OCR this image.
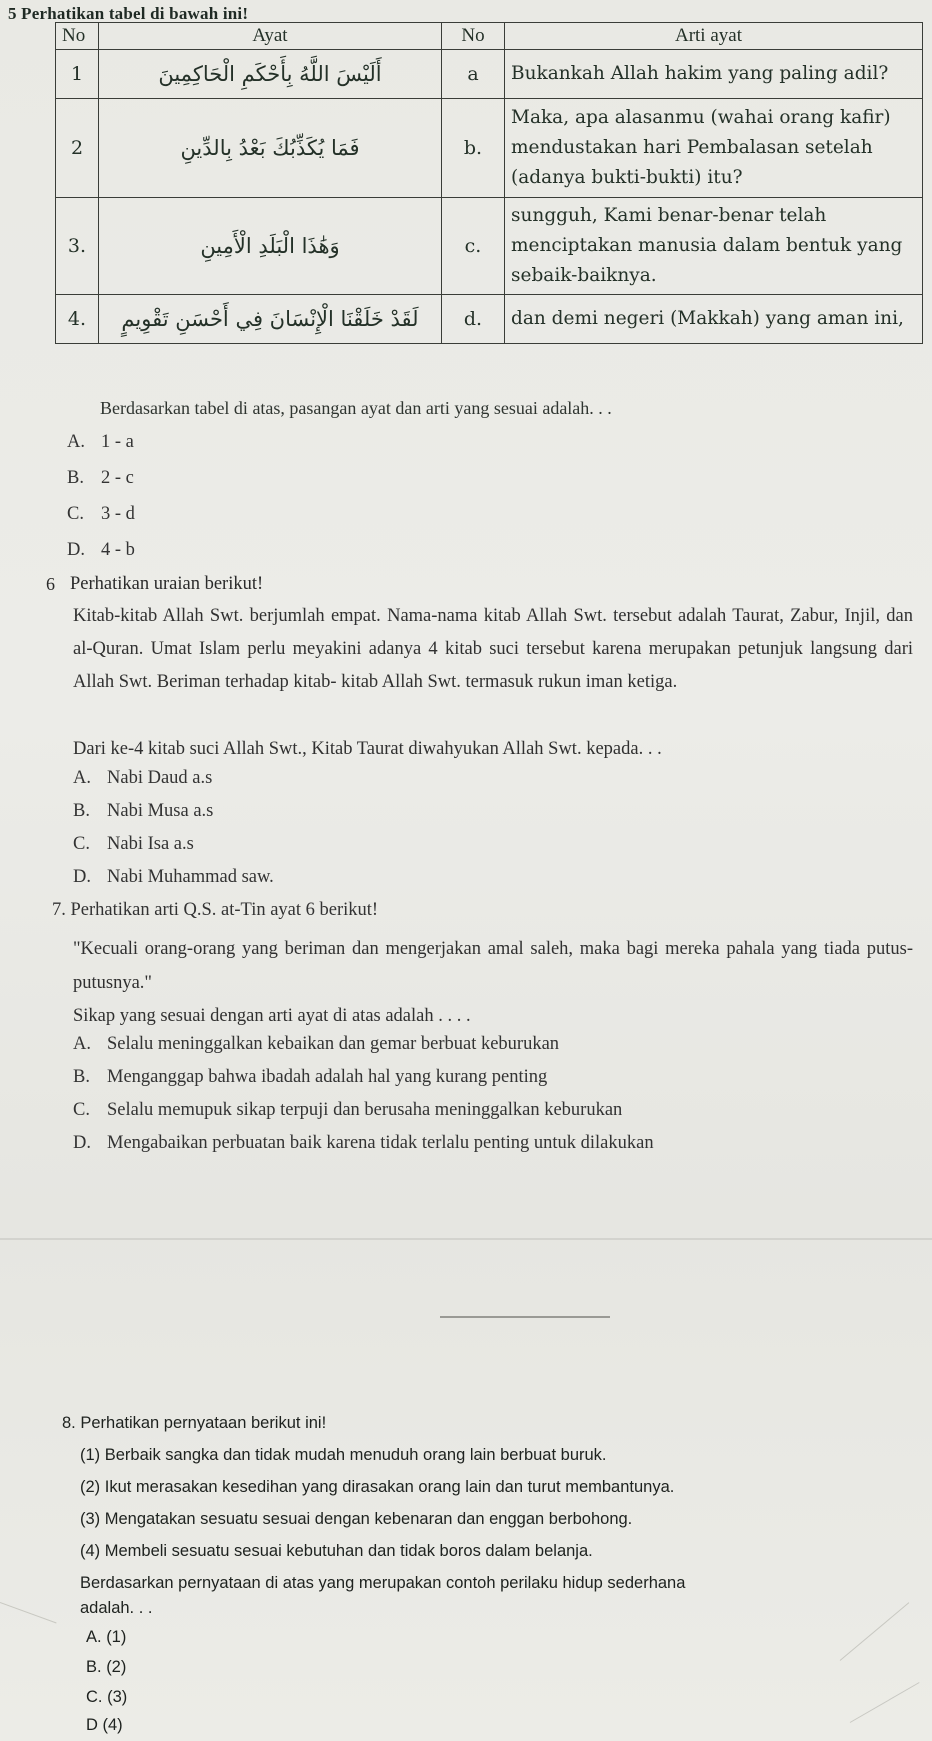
5 Perhatikan tabel di bawah ini!
No	Ayat	No	Arti ayat
1	أَلَيْسَ اللَّهُ بِأَحْكَمِ الْحَاكِمِينَ	a	Bukankah Allah hakim yang paling adil?
2	فَمَا يُكَذِّبُكَ بَعْدُ بِالدِّينِ	b.	Maka, apa alasanmu (wahai orang kafir) mendustakan hari Pembalasan setelah (adanya bukti-bukti) itu?
3.	وَهَٰذَا الْبَلَدِ الْأَمِينِ	c.	sungguh, Kami benar-benar telah menciptakan manusia dalam bentuk yang sebaik-baiknya.
4.	لَقَدْ خَلَقْنَا الْإِنْسَانَ فِي أَحْسَنِ تَقْوِيمٍ	d.	dan demi negeri (Makkah) yang aman ini,
Berdasarkan tabel di atas, pasangan ayat dan arti yang sesuai adalah. . .
A. 1 - a
B. 2 - c
C. 3 - d
D. 4 - b
6 Perhatikan uraian berikut!
Kitab-kitab Allah Swt. berjumlah empat. Nama-nama kitab Allah Swt. tersebut adalah Taurat, Zabur, Injil, dan al-Quran. Umat Islam perlu meyakini adanya 4 kitab suci tersebut karena merupakan petunjuk langsung dari Allah Swt. Beriman terhadap kitab- kitab Allah Swt. termasuk rukun iman ketiga.
Dari ke-4 kitab suci Allah Swt., Kitab Taurat diwahyukan Allah Swt. kepada. . .
A. Nabi Daud a.s
B. Nabi Musa a.s
C. Nabi Isa a.s
D. Nabi Muhammad saw.
7. Perhatikan arti Q.S. at-Tin ayat 6 berikut!
"Kecuali orang-orang yang beriman dan mengerjakan amal saleh, maka bagi mereka pahala yang tiada putus-putusnya."
Sikap yang sesuai dengan arti ayat di atas adalah . . . .
A. Selalu meninggalkan kebaikan dan gemar berbuat keburukan
B. Menganggap bahwa ibadah adalah hal yang kurang penting
C. Selalu memupuk sikap terpuji dan berusaha meninggalkan keburukan
D. Mengabaikan perbuatan baik karena tidak terlalu penting untuk dilakukan
8. Perhatikan pernyataan berikut ini!
(1) Berbaik sangka dan tidak mudah menuduh orang lain berbuat buruk.
(2) Ikut merasakan kesedihan yang dirasakan orang lain dan turut membantunya.
(3) Mengatakan sesuatu sesuai dengan kebenaran dan enggan berbohong.
(4) Membeli sesuatu sesuai kebutuhan dan tidak boros dalam belanja.
Berdasarkan pernyataan di atas yang merupakan contoh perilaku hidup sederhana
adalah. . .
A. (1)
B. (2)
C. (3)
D (4)
